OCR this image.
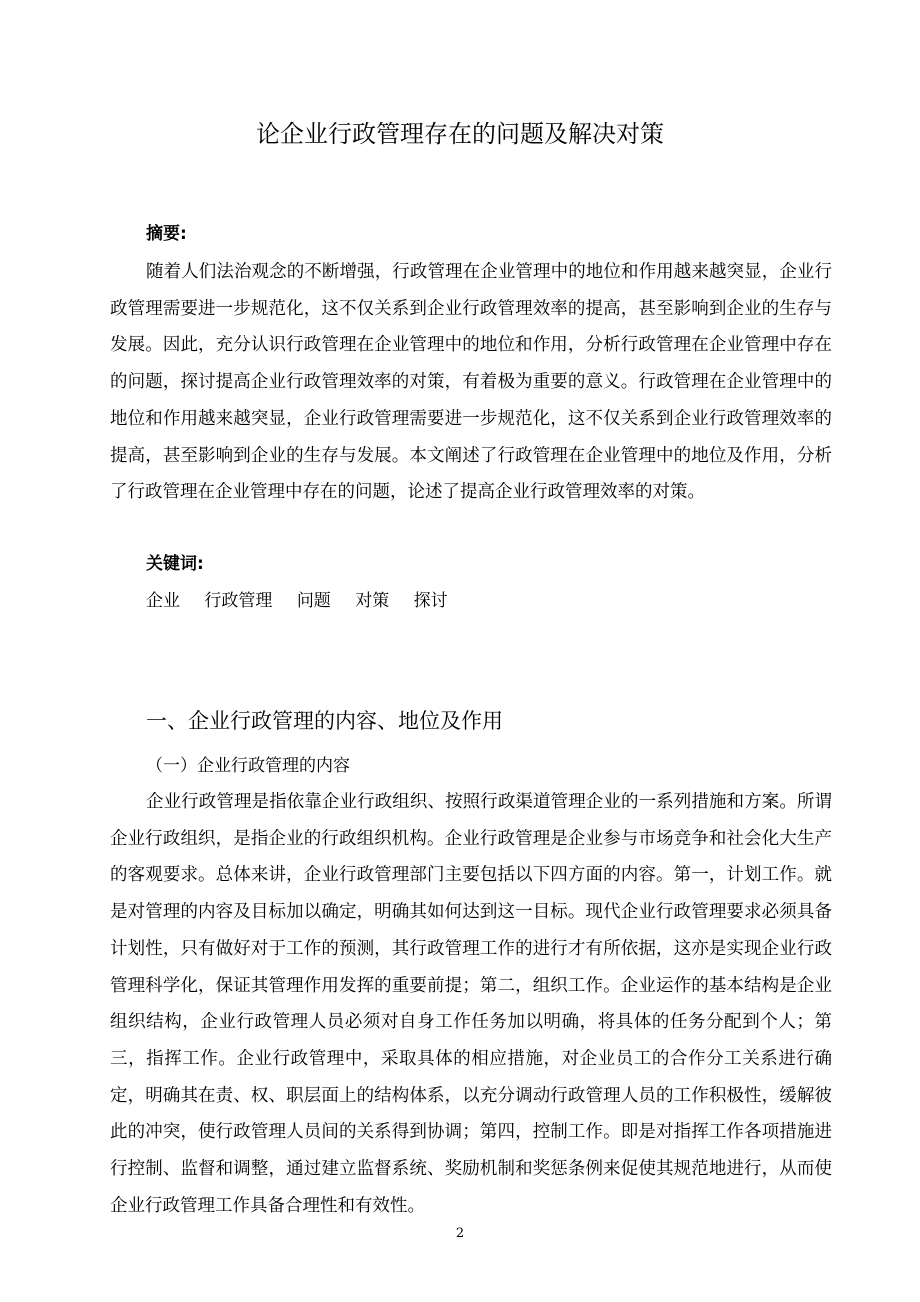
论企业行政管理存在的问题及解决对策
摘要:

随着人们法治观念的不断增强，行政管理在企业管理中的地位和作用越来越突显，企业行政管理需要进一步规范化，这不仅关系到企业行政管理效率的提高，甚至影响到企业的生存与发展。因此，充分认识行政管理在企业管理中的地位和作用，分析行政管理在企业管理中存在的问题，探讨提高企业行政管理效率的对策，有着极为重要的意义。行政管理在企业管理中的地位和作用越来越突显，企业行政管理需要进一步规范化，这不仅关系到企业行政管理效率的提高，甚至影响到企业的生存与发展。本文阐述了行政管理在企业管理中的地位及作用，分析了行政管理在企业管理中存在的问题，论述了提高企业行政管理效率的对策。

关键词:
企业 行政管理 问题 对策 探讨
一、企业行政管理的内容、地位及作用
（一）企业行政管理的内容

企业行政管理是指依靠企业行政组织、按照行政渠道管理企业的一系列措施和方案。所谓企业行政组织，是指企业的行政组织机构。企业行政管理是企业参与市场竞争和社会化大生产的客观要求。总体来讲，企业行政管理部门主要包括以下四方面的内容。第一，计划工作。就是对管理的内容及目标加以确定，明确其如何达到这一目标。现代企业行政管理要求必须具备计划性，只有做好对于工作的预测，其行政管理工作的进行才有所依据，这亦是实现企业行政管理科学化，保证其管理作用发挥的重要前提；第二，组织工作。企业运作的基本结构是企业组织结构，企业行政管理人员必须对自身工作任务加以明确，将具体的任务分配到个人；第三，指挥工作。企业行政管理中，采取具体的相应措施，对企业员工的合作分工关系进行确定，明确其在责、权、职层面上的结构体系，以充分调动行政管理人员的工作积极性，缓解彼此的冲突，使行政管理人员间的关系得到协调；第四，控制工作。即是对指挥工作各项措施进行控制、监督和调整，通过建立监督系统、奖励机制和奖惩条例来促使其规范地进行，从而使企业行政管理工作具备合理性和有效性。

2
